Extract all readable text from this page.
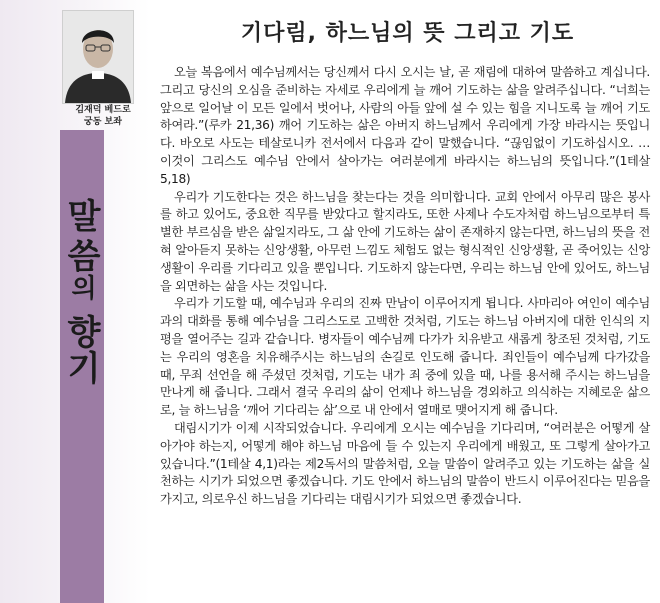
김재덕 베드로
궁동 보좌
말
씀
의
향
기
기다림, 하느님의 뜻 그리고 기도

오늘 복음에서 예수님께서는 당신께서 다시 오시는 날, 곧 재림에 대하여 말씀하고 계십니다. 그리고 당신의 오심을 준비하는 자세로 우리에게 늘 깨어 기도하는 삶을 알려주십니다. “너희는 앞으로 일어날 이 모든 일에서 벗어나, 사람의 아들 앞에 설 수 있는 힘을 지니도록 늘 깨어 기도하여라.”(루카 21,36) 깨어 기도하는 삶은 아버지 하느님께서 우리에게 가장 바라시는 뜻입니다. 바오로 사도는 테살로니카 전서에서 다음과 같이 말했습니다. “끊임없이 기도하십시오. … 이것이 그리스도 예수님 안에서 살아가는 여러분에게 바라시는 하느님의 뜻입니다.”(1테살 5,18)

우리가 기도한다는 것은 하느님을 찾는다는 것을 의미합니다. 교회 안에서 아무리 많은 봉사를 하고 있어도, 중요한 직무를 받았다고 할지라도, 또한 사제나 수도자처럼 하느님으로부터 특별한 부르심을 받은 삶일지라도, 그 삶 안에 기도하는 삶이 존재하지 않는다면, 하느님의 뜻을 전혀 알아듣지 못하는 신앙생활, 아무런 느낌도 체험도 없는 형식적인 신앙생활, 곧 죽어있는 신앙생활이 우리를 기다리고 있을 뿐입니다. 기도하지 않는다면, 우리는 하느님 안에 있어도, 하느님을 외면하는 삶을 사는 것입니다.

우리가 기도할 때, 예수님과 우리의 진짜 만남이 이루어지게 됩니다. 사마리아 여인이 예수님과의 대화를 통해 예수님을 그리스도로 고백한 것처럼, 기도는 하느님 아버지에 대한 인식의 지평을 열어주는 길과 같습니다. 병자들이 예수님께 다가가 치유받고 새롭게 창조된 것처럼, 기도는 우리의 영혼을 치유해주시는 하느님의 손길로 인도해 줍니다. 죄인들이 예수님께 다가갔을 때, 무죄 선언을 해 주셨던 것처럼, 기도는 내가 죄 중에 있을 때, 나를 용서해 주시는 하느님을 만나게 해 줍니다. 그래서 결국 우리의 삶이 언제나 하느님을 경외하고 의식하는 지혜로운 삶으로, 늘 하느님을 ‘깨어 기다리는 삶’으로 내 안에서 열매로 맺어지게 해 줍니다.

대림시기가 이제 시작되었습니다. 우리에게 오시는 예수님을 기다리며, “여러분은 어떻게 살아가야 하는지, 어떻게 해야 하느님 마음에 들 수 있는지 우리에게 배웠고, 또 그렇게 살아가고 있습니다.”(1테살 4,1)라는 제2독서의 말씀처럼, 오늘 말씀이 알려주고 있는 기도하는 삶을 실천하는 시기가 되었으면 좋겠습니다. 기도 안에서 하느님의 말씀이 반드시 이루어진다는 믿음을 가지고, 의로우신 하느님을 기다리는 대림시기가 되었으면 좋겠습니다.
